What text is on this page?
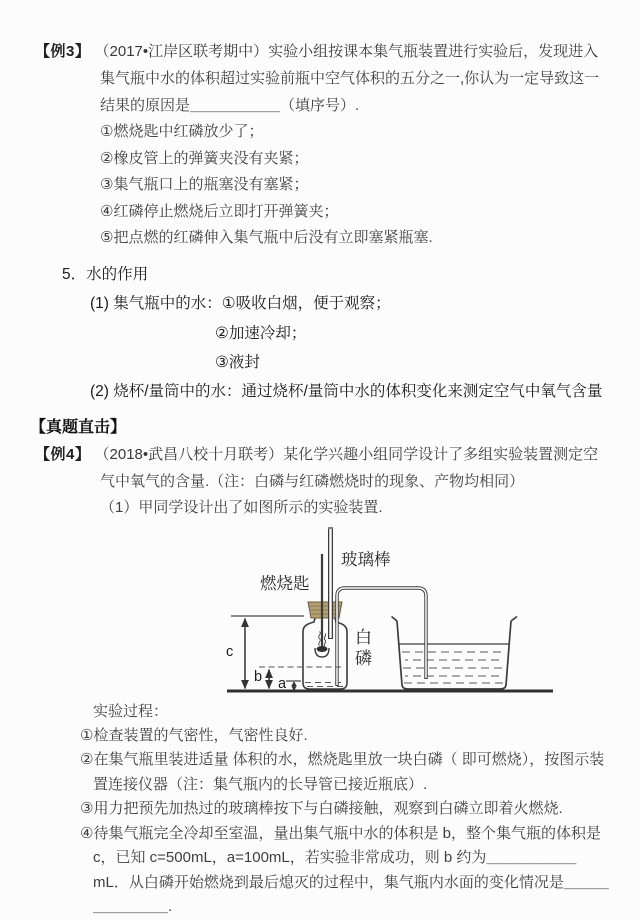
【例3】 （2017•江岸区联考期中）实验小组按课本集气瓶装置进行实验后，发现进入集气瓶中水的体积超过实验前瓶中空气体积的五分之一,你认为一定导致这一结果的原因是＿＿＿＿＿＿（填序号）.
①燃烧匙中红磷放少了；
②橡皮管上的弹簧夹没有夹紧；
③集气瓶口上的瓶塞没有塞紧；
④红磷停止燃烧后立即打开弹簧夹；
⑤把点燃的红磷伸入集气瓶中后没有立即塞紧瓶塞.
5．水的作用
(1) 集气瓶中的水：①吸收白烟，便于观察；
②加速冷却；
③液封
(2) 烧杯/量筒中的水：通过烧杯/量筒中水的体积变化来测定空气中氧气含量
【真题直击】
【例4】 （2018•武昌八校十月联考）某化学兴趣小组同学设计了多组实验装置测定空气中氧气的含量.（注：白磷与红磷燃烧时的现象、产物均相同）
（1）甲同学设计出了如图所示的实验装置.
玻璃棒
燃烧匙
白磷
c
b a
实验过程：
①检查装置的气密性，气密性良好.
②在集气瓶里装进适量 体积的水，燃烧匙里放一块白磷（ 即可燃烧），按图示装置连接仪器（注：集气瓶内的长导管已接近瓶底）.
③用力把预先加热过的玻璃棒按下与白磷接触，观察到白磷立即着火燃烧.
④待集气瓶完全冷却至室温，量出集气瓶中水的体积是 b，整个集气瓶的体积是 c，已知 c=500mL，a=100mL，若实验非常成功，则 b 约为＿＿＿＿＿＿mL．从白磷开始燃烧到最后熄灭的过程中，集气瓶内水面的变化情况是＿＿＿＿＿＿＿＿.
